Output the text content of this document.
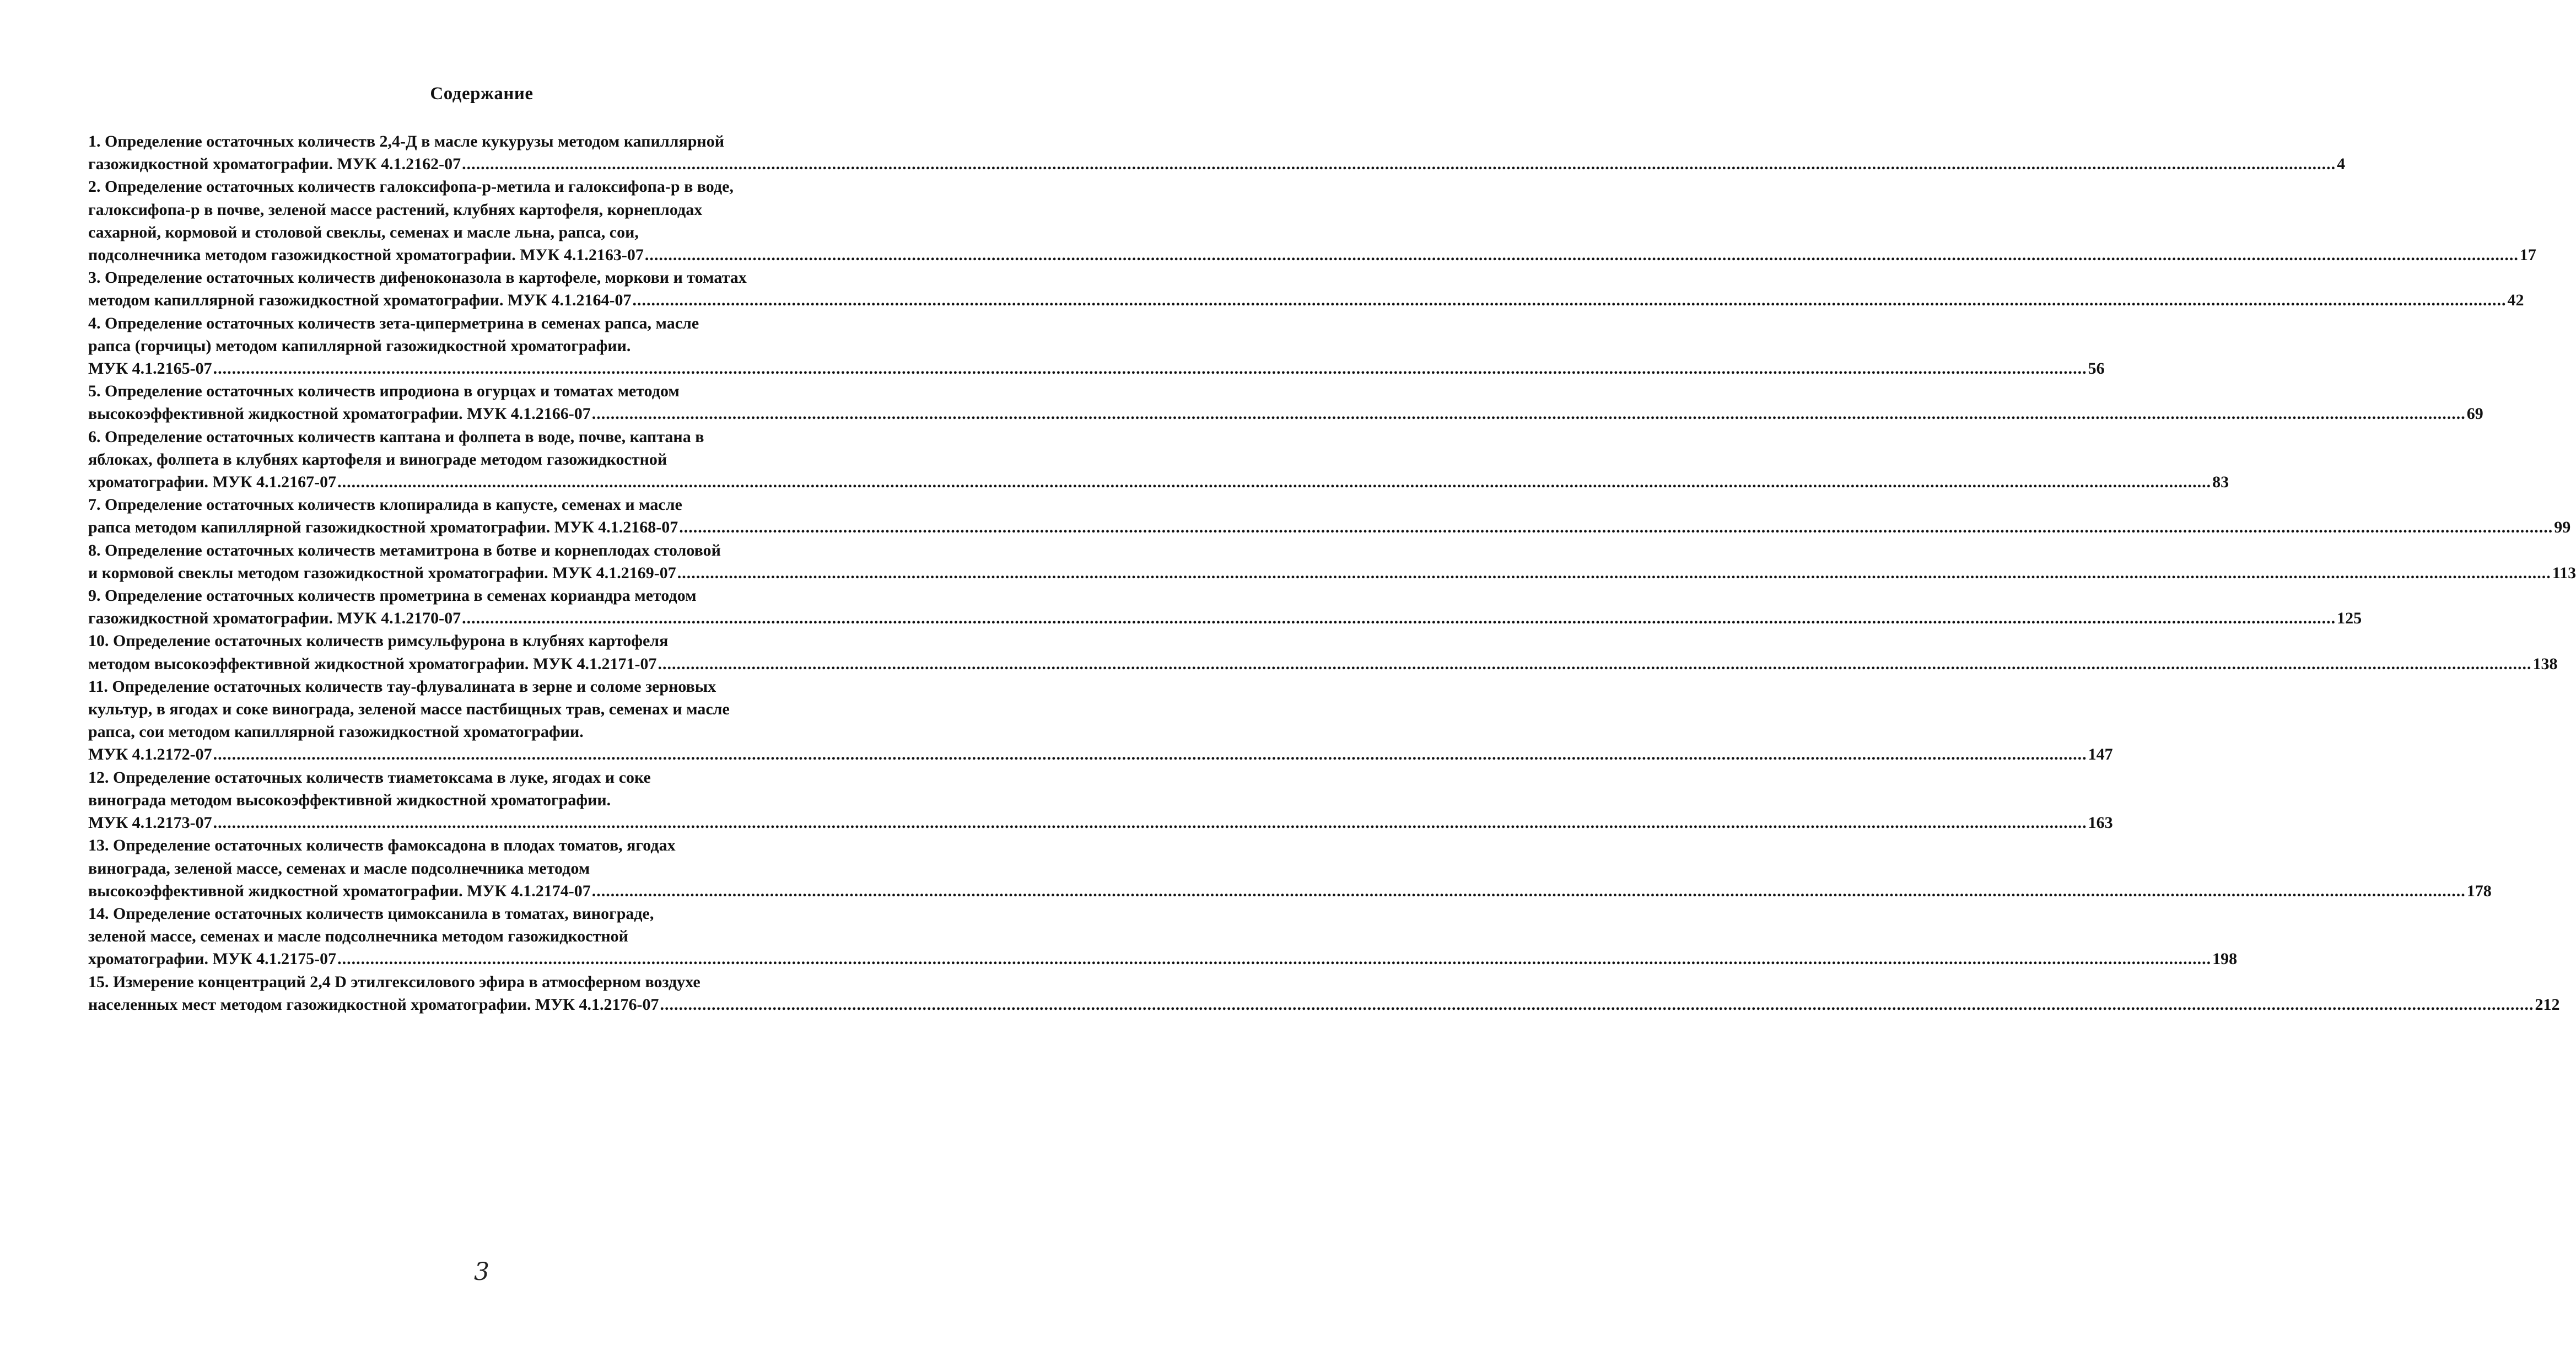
Содержание
1. Определение остаточных количеств 2,4-Д в масле кукурузы методом капиллярной
газожидкостной хроматографии. МУК 4.1.2162-07 ................................................................................................................................................................................................................................................................................................................................................................................................................ 4
2. Определение остаточных количеств галоксифопа-р-метила и галоксифопа-р в воде,
галоксифопа-р в почве, зеленой массе растений, клубнях картофеля, корнеплодах
сахарной, кормовой и столовой свеклы, семенах и масле льна, рапса, сои,
подсолнечника методом газожидкостной хроматографии. МУК 4.1.2163-07 ................................................................................................................................................................................................................................................................................................................................................................................................................ 17
3. Определение остаточных количеств дифеноконазола в картофеле, моркови и томатах
методом капиллярной газожидкостной хроматографии. МУК 4.1.2164-07 ................................................................................................................................................................................................................................................................................................................................................................................................................ 42
4. Определение остаточных количеств зета-циперметрина в семенах рапса, масле
рапса (горчицы) методом капиллярной газожидкостной хроматографии.
МУК 4.1.2165-07 ................................................................................................................................................................................................................................................................................................................................................................................................................ 56
5. Определение остаточных количеств ипродиона в огурцах и томатах методом
высокоэффективной жидкостной хроматографии. МУК 4.1.2166-07 ................................................................................................................................................................................................................................................................................................................................................................................................................ 69
6. Определение остаточных количеств каптана и фолпета в воде, почве, каптана в
яблоках, фолпета в клубнях картофеля и винограде методом газожидкостной
хроматографии. МУК 4.1.2167-07 ................................................................................................................................................................................................................................................................................................................................................................................................................ 83
7. Определение остаточных количеств клопиралида в капусте, семенах и масле
рапса методом капиллярной газожидкостной хроматографии. МУК 4.1.2168-07 ................................................................................................................................................................................................................................................................................................................................................................................................................ 99
8. Определение остаточных количеств метамитрона в ботве и корнеплодах столовой
и кормовой свеклы методом газожидкостной хроматографии. МУК 4.1.2169-07 ................................................................................................................................................................................................................................................................................................................................................................................................................ 113
9. Определение остаточных количеств прометрина в семенах кориандра методом
газожидкостной хроматографии. МУК 4.1.2170-07 ................................................................................................................................................................................................................................................................................................................................................................................................................ 125
10. Определение остаточных количеств римсульфурона в клубнях картофеля
методом высокоэффективной жидкостной хроматографии. МУК 4.1.2171-07 ................................................................................................................................................................................................................................................................................................................................................................................................................ 138
11. Определение остаточных количеств тау-флувалината в зерне и соломе зерновых
культур, в ягодах и соке винограда, зеленой массе пастбищных трав, семенах и масле
рапса, сои методом капиллярной газожидкостной хроматографии.
МУК 4.1.2172-07 ................................................................................................................................................................................................................................................................................................................................................................................................................ 147
12. Определение остаточных количеств тиаметоксама в луке, ягодах и соке
винограда методом высокоэффективной жидкостной хроматографии.
МУК 4.1.2173-07 ................................................................................................................................................................................................................................................................................................................................................................................................................ 163
13. Определение остаточных количеств фамоксадона в плодах томатов, ягодах
винограда, зеленой массе, семенах и масле подсолнечника методом
высокоэффективной жидкостной хроматографии. МУК 4.1.2174-07 ................................................................................................................................................................................................................................................................................................................................................................................................................ 178
14. Определение остаточных количеств цимоксанила в томатах, винограде,
зеленой массе, семенах и масле подсолнечника методом газожидкостной
хроматографии. МУК 4.1.2175-07 ................................................................................................................................................................................................................................................................................................................................................................................................................ 198
15. Измерение концентраций 2,4 D этилгексилового эфира в атмосферном воздухе
населенных мест методом газожидкостной хроматографии. МУК 4.1.2176-07 ................................................................................................................................................................................................................................................................................................................................................................................................................ 212
3
